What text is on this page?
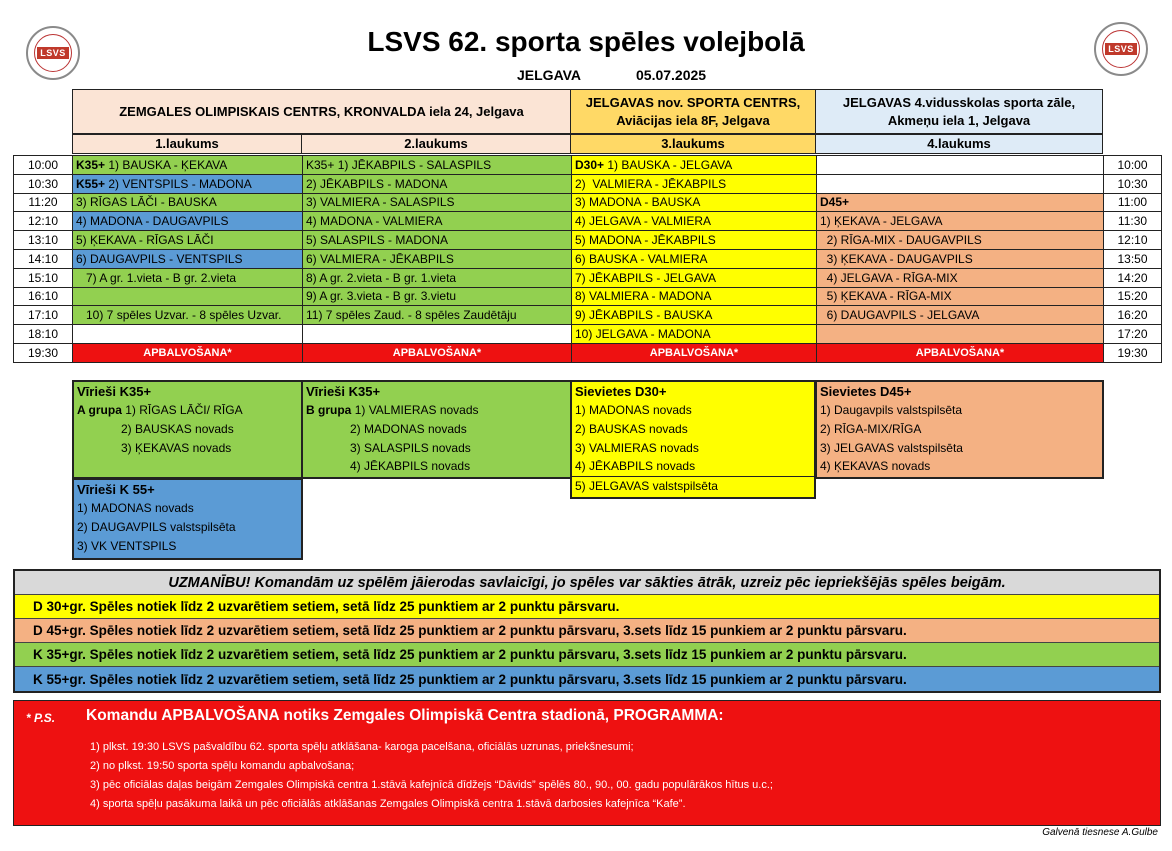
LSVS	LSVS
LSVS 62. sporta spēles volejbolā
JELGAVA	05.07.2025
ZEMGALES OLIMPISKAIS CENTRS, KRONVALDA iela 24, Jelgava
JELGAVAS nov. SPORTA CENTRS,
Aviācijas iela 8F, Jelgava
JELGAVAS 4.vidusskolas sporta zāle,
Akmeņu iela 1, Jelgava
1.laukums	2.laukums	3.laukums	4.laukums
10:00	K35+ 1) BAUSKA - ĶEKAVA	K35+ 1) JĒKABPILS - SALASPILS	D30+ 1) BAUSKA - JELGAVA		10:00
10:30	K55+ 2) VENTSPILS - MADONA	2) JĒKABPILS - MADONA	2)  VALMIERA - JĒKABPILS		10:30
11:20	3) RĪGAS LĀČI - BAUSKA	3) VALMIERA - SALASPILS	3) MADONA - BAUSKA	D45+	11:00
12:10	4) MADONA - DAUGAVPILS	4) MADONA - VALMIERA	4) JELGAVA - VALMIERA	1) ĶEKAVA - JELGAVA	11:30
13:10	5) ĶEKAVA - RĪGAS LĀČI	5) SALASPILS - MADONA	5) MADONA - JĒKABPILS	2) RĪGA-MIX - DAUGAVPILS	12:10
14:10	6) DAUGAVPILS - VENTSPILS	6) VALMIERA - JĒKABPILS	6) BAUSKA - VALMIERA	3) ĶEKAVA - DAUGAVPILS	13:50
15:10	7) A gr. 1.vieta - B gr. 2.vieta	8) A gr. 2.vieta - B gr. 1.vieta	7) JĒKABPILS - JELGAVA	4) JELGAVA - RĪGA-MIX	14:20
16:10		9) A gr. 3.vieta - B gr. 3.vietu	8) VALMIERA - MADONA	5) ĶEKAVA - RĪGA-MIX	15:20
17:10	10) 7 spēles Uzvar. - 8 spēles Uzvar.	11) 7 spēles Zaud. - 8 spēles Zaudētāju	9) JĒKABPILS - BAUSKA	6) DAUGAVPILS - JELGAVA	16:20
18:10			10) JELGAVA - MADONA		17:20
19:30	APBALVOŠANA*	APBALVOŠANA*	APBALVOŠANA*	APBALVOŠANA*	19:30
Vīrieši K35+
A grupa 1) RĪGAS LĀČI/ RĪGA
2) BAUSKAS novads
3) ĶEKAVAS novads
Vīrieši K35+
B grupa 1) VALMIERAS novads
2) MADONAS novads
3) SALASPILS novads
4) JĒKABPILS novads
Sievietes D30+
1) MADONAS novads
2) BAUSKAS novads
3) VALMIERAS novads
4) JĒKABPILS novads
5) JELGAVAS valstspilsēta
Sievietes D45+
1) Daugavpils valstspilsēta
2) RĪGA-MIX/RĪGA
3) JELGAVAS valstspilsēta
4) ĶEKAVAS novads
Vīrieši K 55+
1) MADONAS novads
2) DAUGAVPILS valstspilsēta
3) VK VENTSPILS
UZMANĪBU! Komandām uz spēlēm jāierodas savlaicīgi, jo spēles var sākties ātrāk, uzreiz pēc iepriekšējās spēles beigām.
D 30+gr. Spēles notiek līdz 2 uzvarētiem setiem, setā līdz 25 punktiem ar 2 punktu pārsvaru.
D 45+gr. Spēles notiek līdz 2 uzvarētiem setiem, setā līdz 25 punktiem ar 2 punktu pārsvaru, 3.sets līdz 15 punkiem ar 2 punktu pārsvaru.
K 35+gr. Spēles notiek līdz 2 uzvarētiem setiem, setā līdz 25 punktiem ar 2 punktu pārsvaru, 3.sets līdz 15 punkiem ar 2 punktu pārsvaru.
K 55+gr. Spēles notiek līdz 2 uzvarētiem setiem, setā līdz 25 punktiem ar 2 punktu pārsvaru, 3.sets līdz 15 punkiem ar 2 punktu pārsvaru.
* P.S. Komandu APBALVOŠANA notiks Zemgales Olimpiskā Centra stadionā, PROGRAMMA:
1) plkst. 19:30 LSVS pašvaldību 62. sporta spēļu atklāšana- karoga pacelšana, oficiālās uzrunas, priekšnesumi;
2) no plkst. 19:50 sporta spēļu komandu apbalvošana;
3) pēc oficiālas daļas beigām Zemgales Olimpiskā centra 1.stāvā kafejnīcā dīdžejs “Dāvids” spēlēs 80., 90., 00. gadu populārākos hītus u.c.;
4) sporta spēļu pasākuma laikā un pēc oficiālās atklāšanas Zemgales Olimpiskā centra 1.stāvā darbosies kafejnīca “Kafe”.
Galvenā tiesnese A.Gulbe
